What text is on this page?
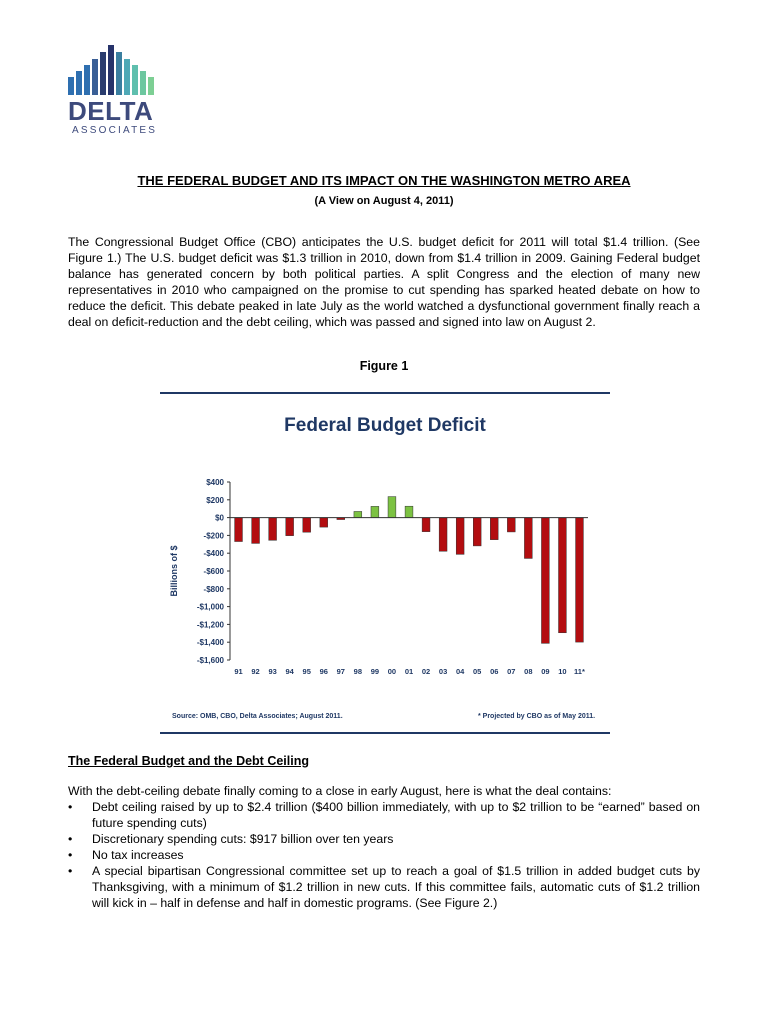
DELTA
ASSOCIATES
THE FEDERAL BUDGET AND ITS IMPACT ON THE WASHINGTON METRO AREA
(A View on August 4, 2011)
The Congressional Budget Office (CBO) anticipates the U.S. budget deficit for 2011 will total $1.4 trillion. (See Figure 1.) The U.S. budget deficit was $1.3 trillion in 2010, down from $1.4 trillion in 2009. Gaining Federal budget balance has generated concern by both political parties. A split Congress and the election of many new representatives in 2010 who campaigned on the promise to cut spending has sparked heated debate on how to reduce the deficit. This debate peaked in late July as the world watched a dysfunctional government finally reach a deal on deficit-reduction and the debt ceiling, which was passed and signed into law on August 2.
Figure 1
Federal Budget Deficit
$400
$200
$0
-$200
-$400
-$600
-$800
-$1,000
-$1,200
-$1,400
-$1,600
91 92 93 94 95 96 97 98 99 00 01 02 03 04 05 06 07 08 09 10 11*
Billions of $
Source: OMB, CBO, Delta Associates; August 2011.	* Projected by CBO as of May 2011.
The Federal Budget and the Debt Ceiling
With the debt-ceiling debate finally coming to a close in early August, here is what the deal contains:
• Debt ceiling raised by up to $2.4 trillion ($400 billion immediately, with up to $2 trillion to be “earned” based on future spending cuts)
• Discretionary spending cuts: $917 billion over ten years
• No tax increases
• A special bipartisan Congressional committee set up to reach a goal of $1.5 trillion in added budget cuts by Thanksgiving, with a minimum of $1.2 trillion in new cuts. If this committee fails, automatic cuts of $1.2 trillion will kick in – half in defense and half in domestic programs. (See Figure 2.)
